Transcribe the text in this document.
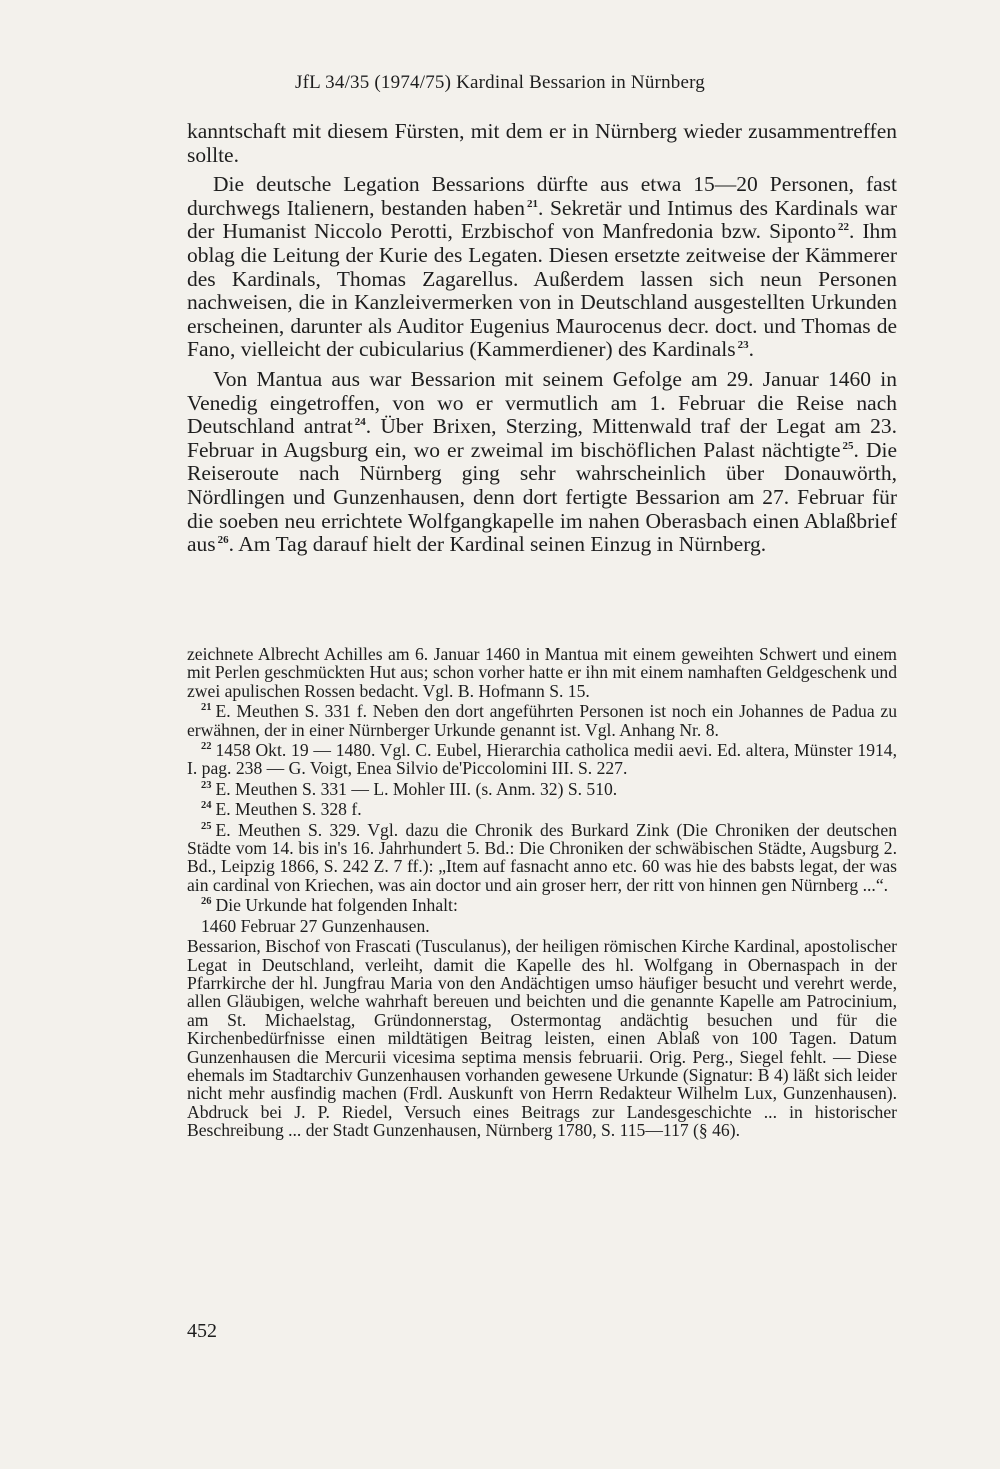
JfL 34/35 (1974/75) Kardinal Bessarion in Nürnberg

kanntschaft mit diesem Fürsten, mit dem er in Nürnberg wieder zusammentreffen sollte.

Die deutsche Legation Bessarions dürfte aus etwa 15—20 Personen, fast durchwegs Italienern, bestanden haben $^{21}$. Sekretär und Intimus des Kardinals war der Humanist Niccolo Perotti, Erzbischof von Manfredonia bzw. Siponto $^{22}$. Ihm oblag die Leitung der Kurie des Legaten. Diesen ersetzte zeitweise der Kämmerer des Kardinals, Thomas Zagarellus. Außerdem lassen sich neun Personen nachweisen, die in Kanzleivermerken von in Deutschland ausgestellten Urkunden erscheinen, darunter als Auditor Eugenius Maurocenus decr. doct. und Thomas de Fano, vielleicht der cubicularius (Kammerdiener) des Kardinals $^{23}$.

Von Mantua aus war Bessarion mit seinem Gefolge am 29. Januar 1460 in Venedig eingetroffen, von wo er vermutlich am 1. Februar die Reise nach Deutschland antrat $^{24}$. Über Brixen, Sterzing, Mittenwald traf der Legat am 23. Februar in Augsburg ein, wo er zweimal im bischöflichen Palast nächtigte $^{25}$. Die Reiseroute nach Nürnberg ging sehr wahrscheinlich über Donauwörth, Nördlingen und Gunzenhausen, denn dort fertigte Bessarion am 27. Februar für die soeben neu errichtete Wolfgangkapelle im nahen Oberasbach einen Ablaßbrief aus $^{26}$. Am Tag darauf hielt der Kardinal seinen Einzug in Nürnberg.

zeichnete Albrecht Achilles am 6. Januar 1460 in Mantua mit einem geweihten Schwert und einem mit Perlen geschmückten Hut aus; schon vorher hatte er ihn mit einem namhaften Geldgeschenk und zwei apulischen Rossen bedacht. Vgl. B. Hofmann S. 15.

$^{21}$ E. Meuthen S. 331 f. Neben den dort angeführten Personen ist noch ein Johannes de Padua zu erwähnen, der in einer Nürnberger Urkunde genannt ist. Vgl. Anhang Nr. 8.

$^{22}$ 1458 Okt. 19 — 1480. Vgl. C. Eubel, Hierarchia catholica medii aevi. Ed. altera, Münster 1914, I. pag. 238 — G. Voigt, Enea Silvio de'Piccolomini III. S. 227.

$^{23}$ E. Meuthen S. 331 — L. Mohler III. (s. Anm. 32) S. 510.

$^{24}$ E. Meuthen S. 328 f.

$^{25}$ E. Meuthen S. 329. Vgl. dazu die Chronik des Burkard Zink (Die Chroniken der deutschen Städte vom 14. bis in's 16. Jahrhundert 5. Bd.: Die Chroniken der schwäbischen Städte, Augsburg 2. Bd., Leipzig 1866, S. 242 Z. 7 ff.): „Item auf fasnacht anno etc. 60 was hie des babsts legat, der was ain cardinal von Kriechen, was ain doctor und ain groser herr, der ritt von hinnen gen Nürnberg ...“.

$^{26}$ Die Urkunde hat folgenden Inhalt:

1460 Februar 27 Gunzenhausen.

Bessarion, Bischof von Frascati (Tusculanus), der heiligen römischen Kirche Kardinal, apostolischer Legat in Deutschland, verleiht, damit die Kapelle des hl. Wolfgang in Obernaspach in der Pfarrkirche der hl. Jungfrau Maria von den Andächtigen umso häufiger besucht und verehrt werde, allen Gläubigen, welche wahrhaft bereuen und beichten und die genannte Kapelle am Patrocinium, am St. Michaelstag, Gründonnerstag, Ostermontag andächtig besuchen und für die Kirchenbedürfnisse einen mildtätigen Beitrag leisten, einen Ablaß von 100 Tagen. Datum Gunzenhausen die Mercurii vicesima septima mensis februarii. Orig. Perg., Siegel fehlt. — Diese ehemals im Stadtarchiv Gunzenhausen vorhanden gewesene Urkunde (Signatur: B 4) läßt sich leider nicht mehr ausfindig machen (Frdl. Auskunft von Herrn Redakteur Wilhelm Lux, Gunzenhausen). Abdruck bei J. P. Riedel, Versuch eines Beitrags zur Landesgeschichte ... in historischer Beschreibung ... der Stadt Gunzenhausen, Nürnberg 1780, S. 115—117 (§ 46).

452
